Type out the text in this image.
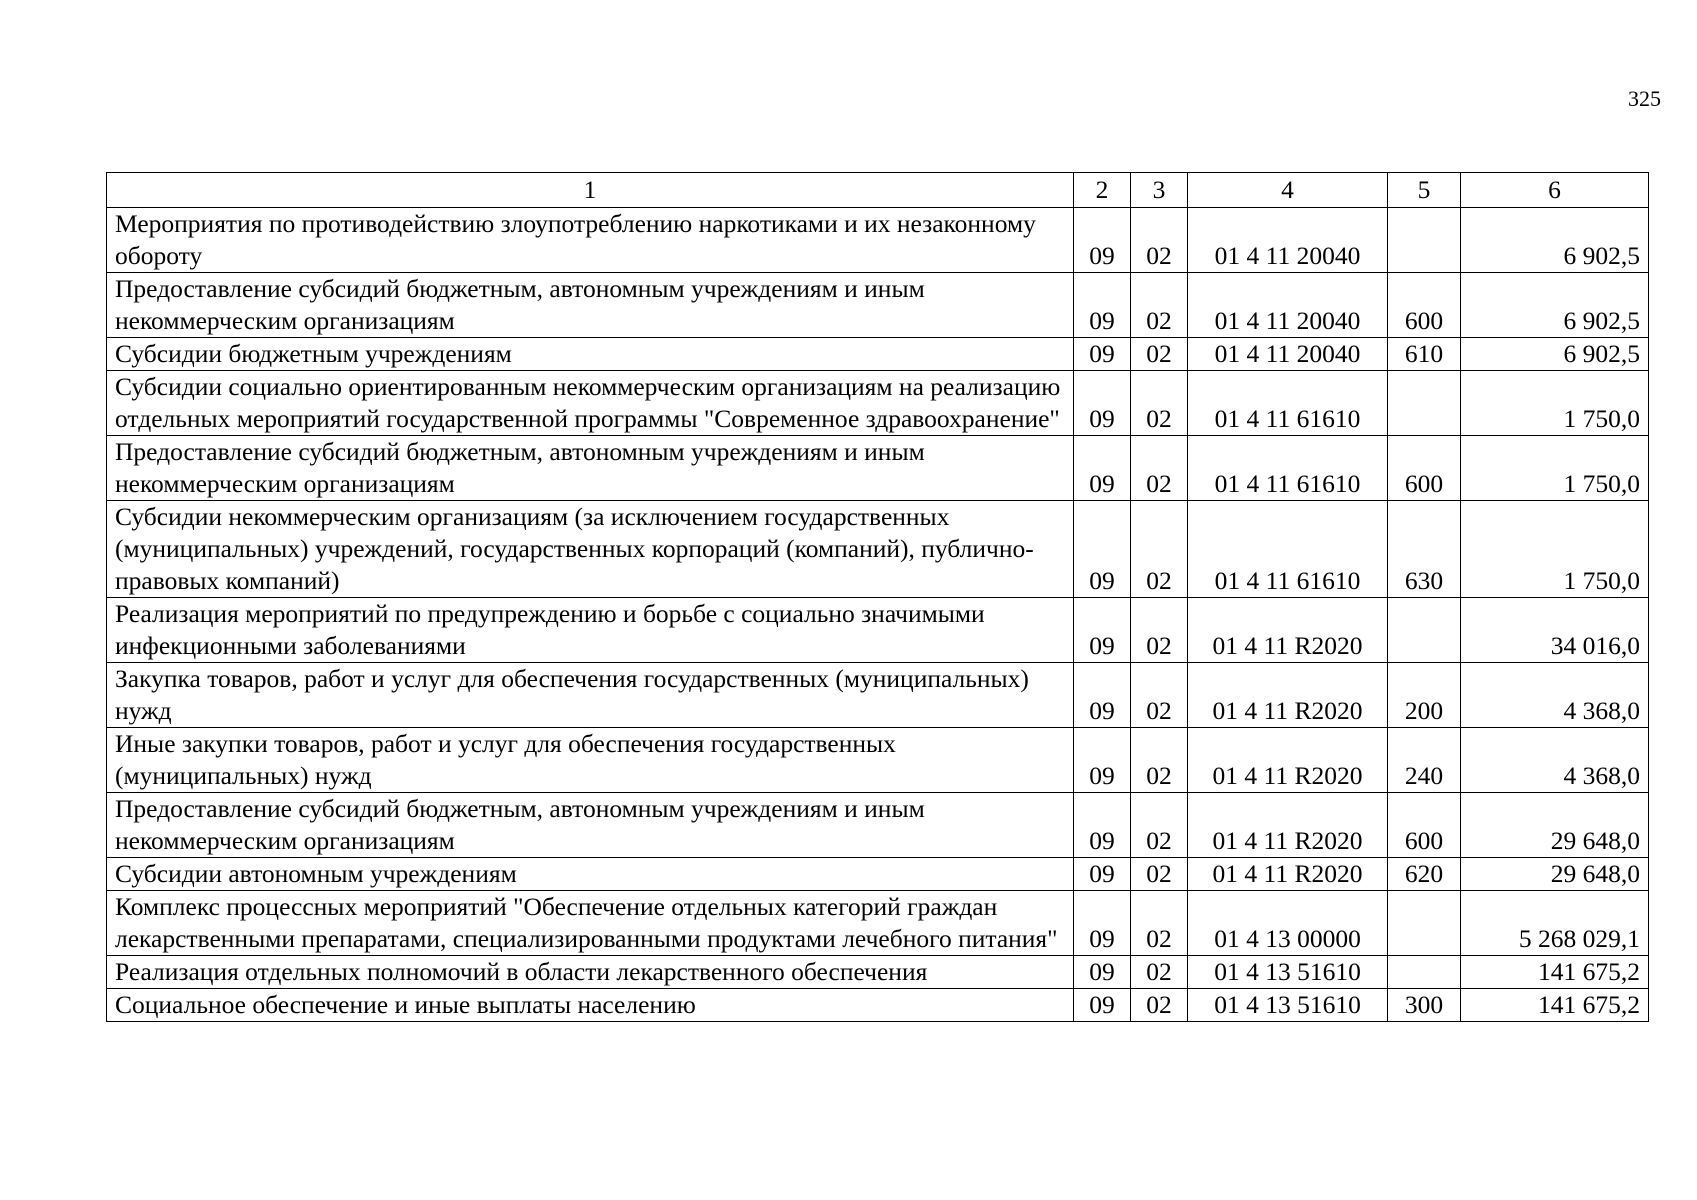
325
1	2	3	4	5	6
Мероприятия по противодействию злоупотреблению наркотиками и их незаконному обороту	09	02	01 4 11 20040		6 902,5
Предоставление субсидий бюджетным, автономным учреждениям и иным некоммерческим организациям	09	02	01 4 11 20040	600	6 902,5
Субсидии бюджетным учреждениям	09	02	01 4 11 20040	610	6 902,5
Субсидии социально ориентированным некоммерческим организациям на реализацию отдельных мероприятий государственной программы "Современное здравоохранение"	09	02	01 4 11 61610		1 750,0
Предоставление субсидий бюджетным, автономным учреждениям и иным некоммерческим организациям	09	02	01 4 11 61610	600	1 750,0
Субсидии некоммерческим организациям (за исключением государственных (муниципальных) учреждений, государственных корпораций (компаний), публично-правовых компаний)	09	02	01 4 11 61610	630	1 750,0
Реализация мероприятий по предупреждению и борьбе с социально значимыми инфекционными заболеваниями	09	02	01 4 11 R2020		34 016,0
Закупка товаров, работ и услуг для обеспечения государственных (муниципальных) нужд	09	02	01 4 11 R2020	200	4 368,0
Иные закупки товаров, работ и услуг для обеспечения государственных (муниципальных) нужд	09	02	01 4 11 R2020	240	4 368,0
Предоставление субсидий бюджетным, автономным учреждениям и иным некоммерческим организациям	09	02	01 4 11 R2020	600	29 648,0
Субсидии автономным учреждениям	09	02	01 4 11 R2020	620	29 648,0
Комплекс процессных мероприятий "Обеспечение отдельных категорий граждан лекарственными препаратами, специализированными продуктами лечебного питания"	09	02	01 4 13 00000		5 268 029,1
Реализация отдельных полномочий в области лекарственного обеспечения	09	02	01 4 13 51610		141 675,2
Социальное обеспечение и иные выплаты населению	09	02	01 4 13 51610	300	141 675,2
